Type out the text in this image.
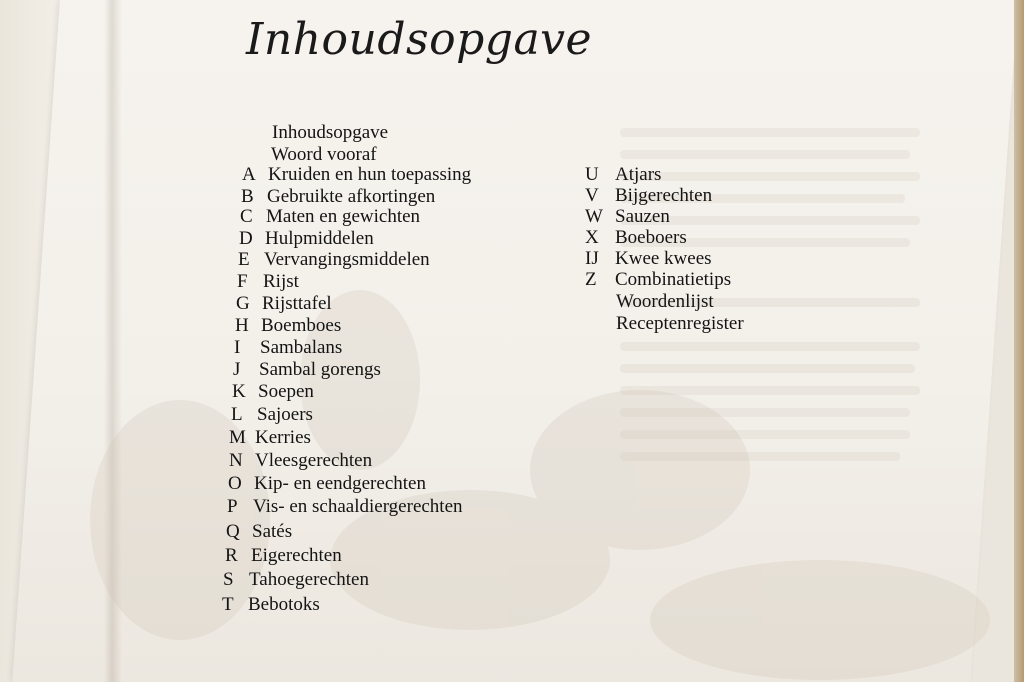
Inhoudsopgave
Inhoudsopgave
Woord vooraf
A Kruiden en hun toepassing
B Gebruikte afkortingen
C Maten en gewichten
D Hulpmiddelen
E Vervangingsmiddelen
F Rijst
G Rijsttafel
H Boemboes
I Sambalans
J Sambal gorengs
K Soepen
L Sajoers
M Kerries
N Vleesgerechten
O Kip- en eendgerechten
P Vis- en schaaldiergerechten
Q Satés
R Eigerechten
S Tahoegerechten
T Bebotoks
U Atjars
V Bijgerechten
W Sauzen
X Boeboers
IJ Kwee kwees
Z Combinatietips
Woordenlijst
Receptenregister
